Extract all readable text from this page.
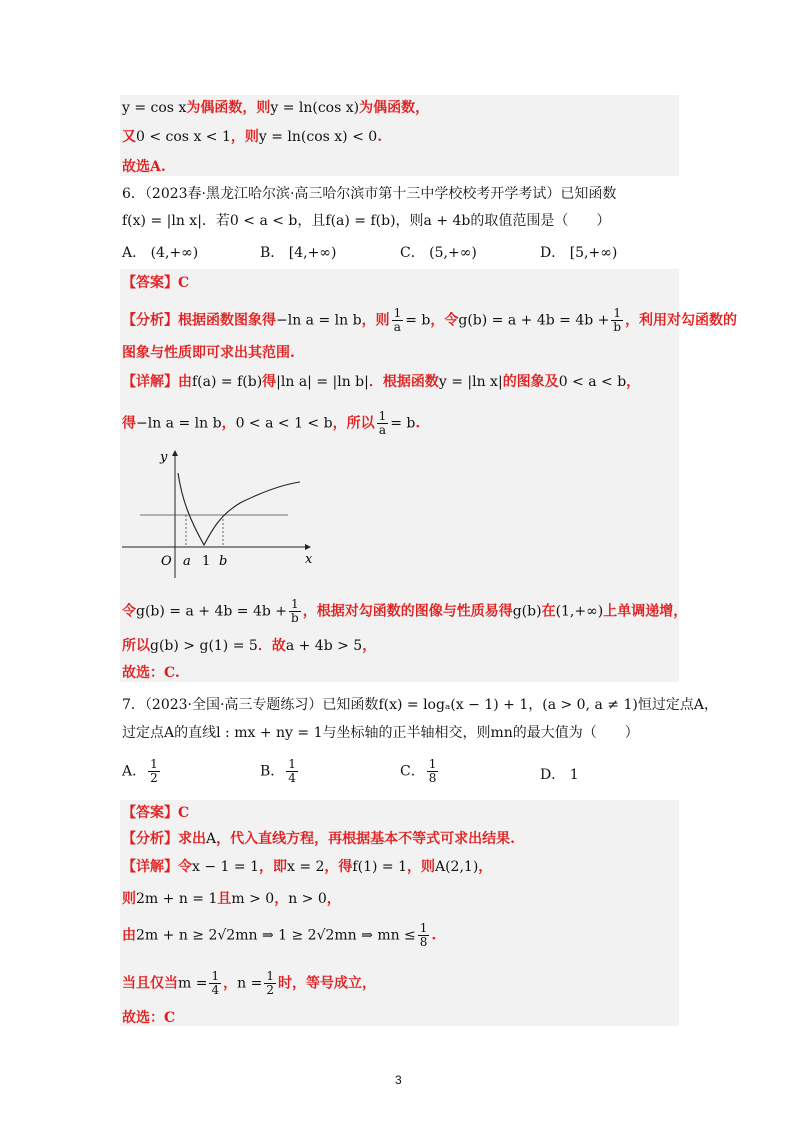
y = cos x为偶函数，则y = ln(cos x)为偶函数，
又0 < cos x < 1，则y = ln(cos x) < 0.
故选A.
6．（2023春·黑龙江哈尔滨·高三哈尔滨市第十三中学校校考开学考试）已知函数
f(x) = |ln x|．若0 < a < b，且f(a) = f(b)，则a + 4b的取值范围是（　　）
A． (4,+∞)	B． [4,+∞)	C． (5,+∞)	D． [5,+∞)
【答案】C
【分析】根据函数图象得−ln a = ln b，则 $\frac{1}{a} = b$，令$g(b) = a + 4b = 4b + \frac{1}{b}$ ，利用对勾函数的
图象与性质即可求出其范围.
【详解】由f(a) = f(b)得|ln a| = |ln b|．根据函数y = |ln x|的图象及0 < a < b，
得−ln a = ln b，0 < a < 1 < b，所以 $\frac{1}{a} = b$.
y
x
O a 1 b
令$g(b) = a + 4b = 4b + \frac{1}{b}$ ，根据对勾函数的图像与性质易得g(b)在(1,+∞)上单调递增，
所以g(b) > g(1) = 5．故a + 4b > 5，
故选：C.
7．（2023·全国·高三专题练习）已知函数f(x) = logₐ(x − 1) + 1，(a > 0, a ≠ 1)恒过定点A，
过定点A的直线l : mx + ny = 1与坐标轴的正半轴相交，则mn的最大值为（　　）
A． $\frac{1}{2}$	B． $\frac{1}{4}$	C． $\frac{1}{8}$	D． 1
【答案】C
【分析】求出A，代入直线方程，再根据基本不等式可求出结果.
【详解】令x − 1 = 1，即x = 2，得f(1) = 1，则A(2,1)，
则2m + n = 1且m > 0，n > 0，
由2m + n ≥ 2√2mn ⇒ 1 ≥ 2√2mn ⇒ mn ≤ $\frac{1}{8}$ .
当且仅当$m = \frac{1}{4}$ ，$n = \frac{1}{2}$ 时，等号成立，
故选：C
3
